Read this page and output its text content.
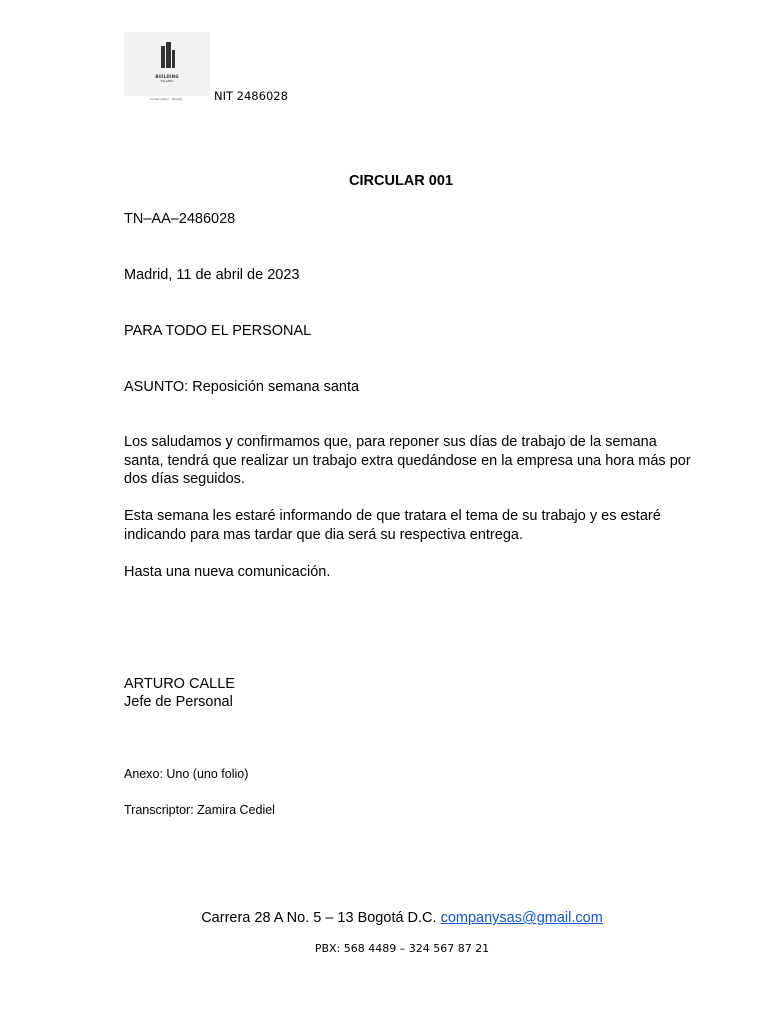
BUILDING
TALLERS
Construction · Builder	NIT 2486028
CIRCULAR 001
TN–AA–2486028
Madrid, 11 de abril de 2023
PARA TODO EL PERSONAL
ASUNTO: Reposición semana santa
Los saludamos y confirmamos que, para reponer sus días de trabajo de la semana santa, tendrá que realizar un trabajo extra quedándose en la empresa una hora más por dos días seguidos.
Esta semana les estaré informando de que tratara el tema de su trabajo y es estaré indicando para mas tardar que dia será su respectiva entrega.
Hasta una nueva comunicación.
ARTURO CALLE
Jefe de Personal
Anexo: Uno (uno folio)
Transcriptor: Zamira Cediel
Carrera 28 A No. 5 – 13 Bogotá D.C. companysas@gmail.com
PBX: 568 4489 – 324 567 87 21
